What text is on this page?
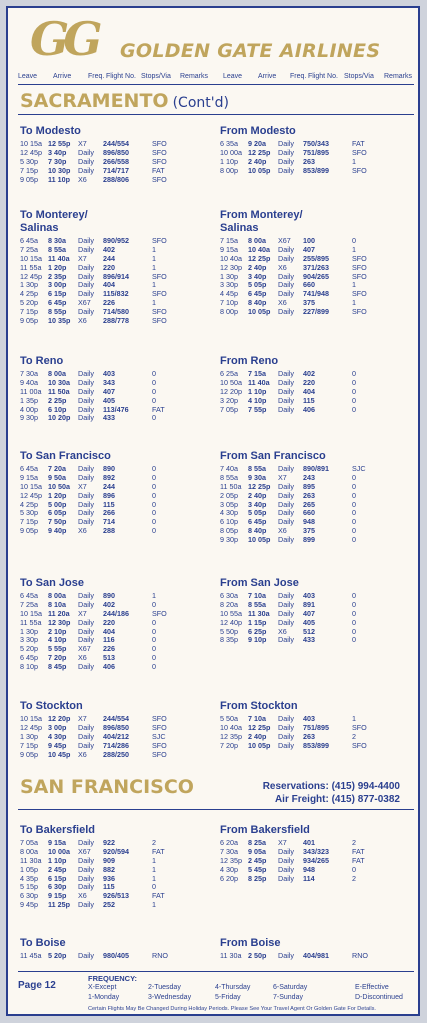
GG GOLDEN GATE AIRLINES
Leave Arrive Freq. Flight No. Stops/Via Remarks Leave Arrive Freq. Flight No. Stops/Via Remarks
SACRAMENTO (Cont'd)
SAN FRANCISCO	Reservations: (415) 994-4400
Air Freight: (415) 877-0382
To Modesto
10 15a 12 55p X7 244/554	SFO
12 45p 3 40p Daily 896/850	SFO
5 30p 7 30p Daily 266/558	SFO
7 15p 10 30p Daily 714/717	FAT
9 05p 11 10p X6 288/806	SFO
From Modesto
6 35a 9 20a Daily 750/343	FAT
10 00a 12 25p Daily 751/895	SFO
1 10p 2 40p Daily 263	1
8 00p 10 05p Daily 853/899	SFO
To Monterey/
Salinas
6 45a 8 30a Daily 890/952	SFO
7 25a 8 55a Daily 402	1
10 15a 11 40a X7 244	1
11 55a 1 20p Daily 220	1
12 45p 2 35p Daily 896/914	SFO
1 30p 3 00p Daily 404	1
4 25p 6 15p Daily 115/832	SFO
5 20p 6 45p X67 226	1
7 15p 8 55p Daily 714/580	SFO
9 05p 10 35p X6 288/778	SFO
From Monterey/
Salinas
7 15a 8 00a X67 100	0
9 15a 10 40a Daily 407	1
10 40a 12 25p Daily 255/895	SFO
12 30p 2 40p X6 371/263	SFO
1 30p 3 40p Daily 904/265	SFO
3 30p 5 05p Daily 660	1
4 45p 6 45p Daily 741/948	SFO
7 10p 8 40p X6 375	1
8 00p 10 05p Daily 227/899	SFO
To Reno
7 30a 8 00a Daily 403	0
9 40a 10 30a Daily 343	0
11 00a 11 50a Daily 407	0
1 35p 2 25p Daily 405	0
4 00p 6 10p Daily 113/476	FAT
9 30p 10 20p Daily 433	0
From Reno
6 25a 7 15a Daily 402	0
10 50a 11 40a Daily 220	0
12 20p 1 10p Daily 404	0
3 20p 4 10p Daily 115	0
7 05p 7 55p Daily 406	0
To San Francisco
6 45a 7 20a Daily 890	0
9 15a 9 50a Daily 892	0
10 15a 10 50a X7 244	0
12 45p 1 20p Daily 896	0
4 25p 5 00p Daily 115	0
5 30p 6 05p Daily 266	0
7 15p 7 50p Daily 714	0
9 05p 9 40p X6 288	0
From San Francisco
7 40a 8 55a Daily 890/891	SJC
8 55a 9 30a X7 243	0
11 50a 12 25p Daily 895	0
2 05p 2 40p Daily 263	0
3 05p 3 40p Daily 265	0
4 30p 5 05p Daily 660	0
6 10p 6 45p Daily 948	0
8 05p 8 40p X6 375	0
9 30p 10 05p Daily 899	0
To San Jose
6 45a 8 00a Daily 890	1
7 25a 8 10a Daily 402	0
10 15a 11 20a X7 244/186	SFO
11 55a 12 30p Daily 220	0
1 30p 2 10p Daily 404	0
3 30p 4 10p Daily 116	0
5 20p 5 55p X67 226	0
6 45p 7 20p X6 513	0
8 10p 8 45p Daily 406	0
From San Jose
6 30a 7 10a Daily 403	0
8 20a 8 55a Daily 891	0
10 55a 11 30a Daily 407	0
12 40p 1 15p Daily 405	0
5 50p 6 25p X6 512	0
8 35p 9 10p Daily 433	0
To Stockton
10 15a 12 20p X7 244/554	SFO
12 45p 3 00p Daily 896/850	SFO
1 30p 4 30p Daily 404/212	SJC
7 15p 9 45p Daily 714/286	SFO
9 05p 10 45p X6 288/250	SFO
From Stockton
5 50a 7 10a Daily 403	1
10 40a 12 25p Daily 751/895	SFO
12 35p 2 40p Daily 263	2
7 20p 10 05p Daily 853/899	SFO
To Bakersfield
7 05a 9 15a Daily 922	2
8 00a 10 00a X67 920/594	FAT
11 30a 1 10p Daily 909	1
1 05p 2 45p Daily 882	1
4 35p 6 15p Daily 936	1
5 15p 6 30p Daily 115	0
6 30p 9 15p X6 926/513	FAT
9 45p 11 25p Daily 252	1
From Bakersfield
6 20a 8 25a X7 401	2
7 30a 9 05a Daily 343/323	FAT
12 35p 2 45p Daily 934/265	FAT
4 30p 5 45p Daily 948	0
6 20p 8 25p Daily 114	2
To Boise
11 45a 5 20p Daily 980/405	RNO
From Boise
11 30a 2 50p Daily 404/981	RNO
Page 12
FREQUENCY:
X-Except	2-Tuesday	4-Thursday	6-Saturday	E-Effective
1-Monday	3-Wednesday	5-Friday	7-Sunday	D-Discontinued
Certain Flights May Be Changed During Holiday Periods. Please See Your Travel Agent Or Golden Gate For Details.
